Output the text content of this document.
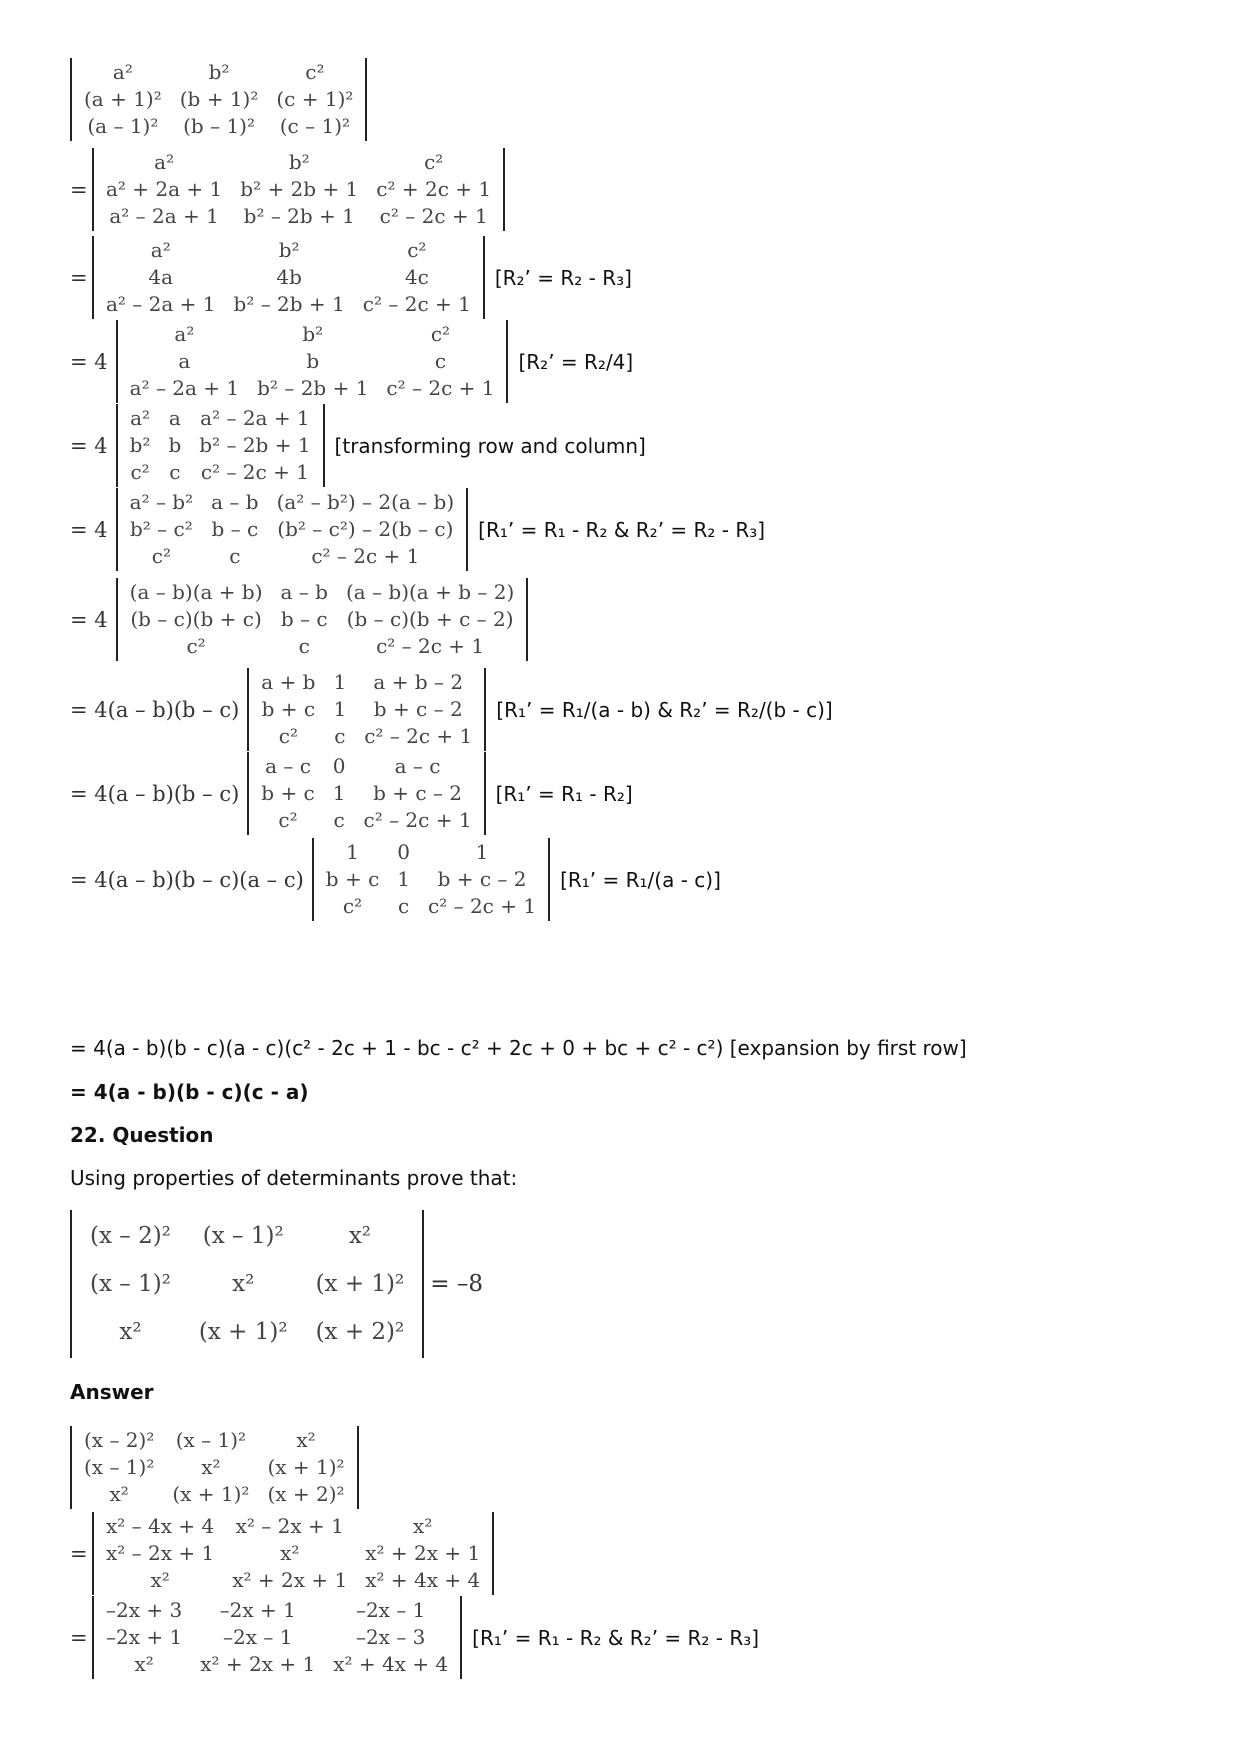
a²	b²	c²
(a + 1)²	(b + 1)²	(c + 1)²
(a – 1)²	(b – 1)²	(c – 1)²
=
a²	b²	c²
a² + 2a + 1	b² + 2b + 1	c² + 2c + 1
a² – 2a + 1	b² – 2b + 1	c² – 2c + 1
=
a²	b²	c²
4a	4b	4c
a² – 2a + 1	b² – 2b + 1	c² – 2c + 1
[R₂’ = R₂ - R₃]
= 4
a²	b²	c²
a	b	c
a² – 2a + 1	b² – 2b + 1	c² – 2c + 1
[R₂’ = R₂/4]
= 4
a²	a	a² – 2a + 1
b²	b	b² – 2b + 1
c²	c	c² – 2c + 1
[transforming row and column]
= 4
a² – b²	a – b	(a² – b²) – 2(a – b)
b² – c²	b – c	(b² – c²) – 2(b – c)
c²	c	c² – 2c + 1
[R₁’ = R₁ - R₂ & R₂’ = R₂ - R₃]
= 4
(a – b)(a + b)	a – b	(a – b)(a + b – 2)
(b – c)(b + c)	b – c	(b – c)(b + c – 2)
c²	c	c² – 2c + 1
= 4(a – b)(b – c)
a + b	1	a + b – 2
b + c	1	b + c – 2
c²	c	c² – 2c + 1
[R₁’ = R₁/(a - b) & R₂’ = R₂/(b - c)]
= 4(a – b)(b – c)
a – c	0	a – c
b + c	1	b + c – 2
c²	c	c² – 2c + 1
[R₁’ = R₁ - R₂]
= 4(a – b)(b – c)(a – c)
1	0	1
b + c	1	b + c – 2
c²	c	c² – 2c + 1
[R₁’ = R₁/(a - c)]
= 4(a - b)(b - c)(a - c)(c² - 2c + 1 - bc - c² + 2c + 0 + bc + c² - c²) [expansion by first row]
= 4(a - b)(b - c)(c - a)
22. Question
Using properties of determinants prove that:
(x – 2)²	(x – 1)²	x²
(x – 1)²	x²	(x + 1)²
x²	(x + 1)²	(x + 2)²
= –8
Answer
(x – 2)²	(x – 1)²	x²
(x – 1)²	x²	(x + 1)²
x²	(x + 1)²	(x + 2)²
=
x² – 4x + 4	x² – 2x + 1	x²
x² – 2x + 1	x²	x² + 2x + 1
x²	x² + 2x + 1	x² + 4x + 4
=
–2x + 3	–2x + 1	–2x – 1
–2x + 1	–2x – 1	–2x – 3
x²	x² + 2x + 1	x² + 4x + 4
[R₁’ = R₁ - R₂ & R₂’ = R₂ - R₃]
